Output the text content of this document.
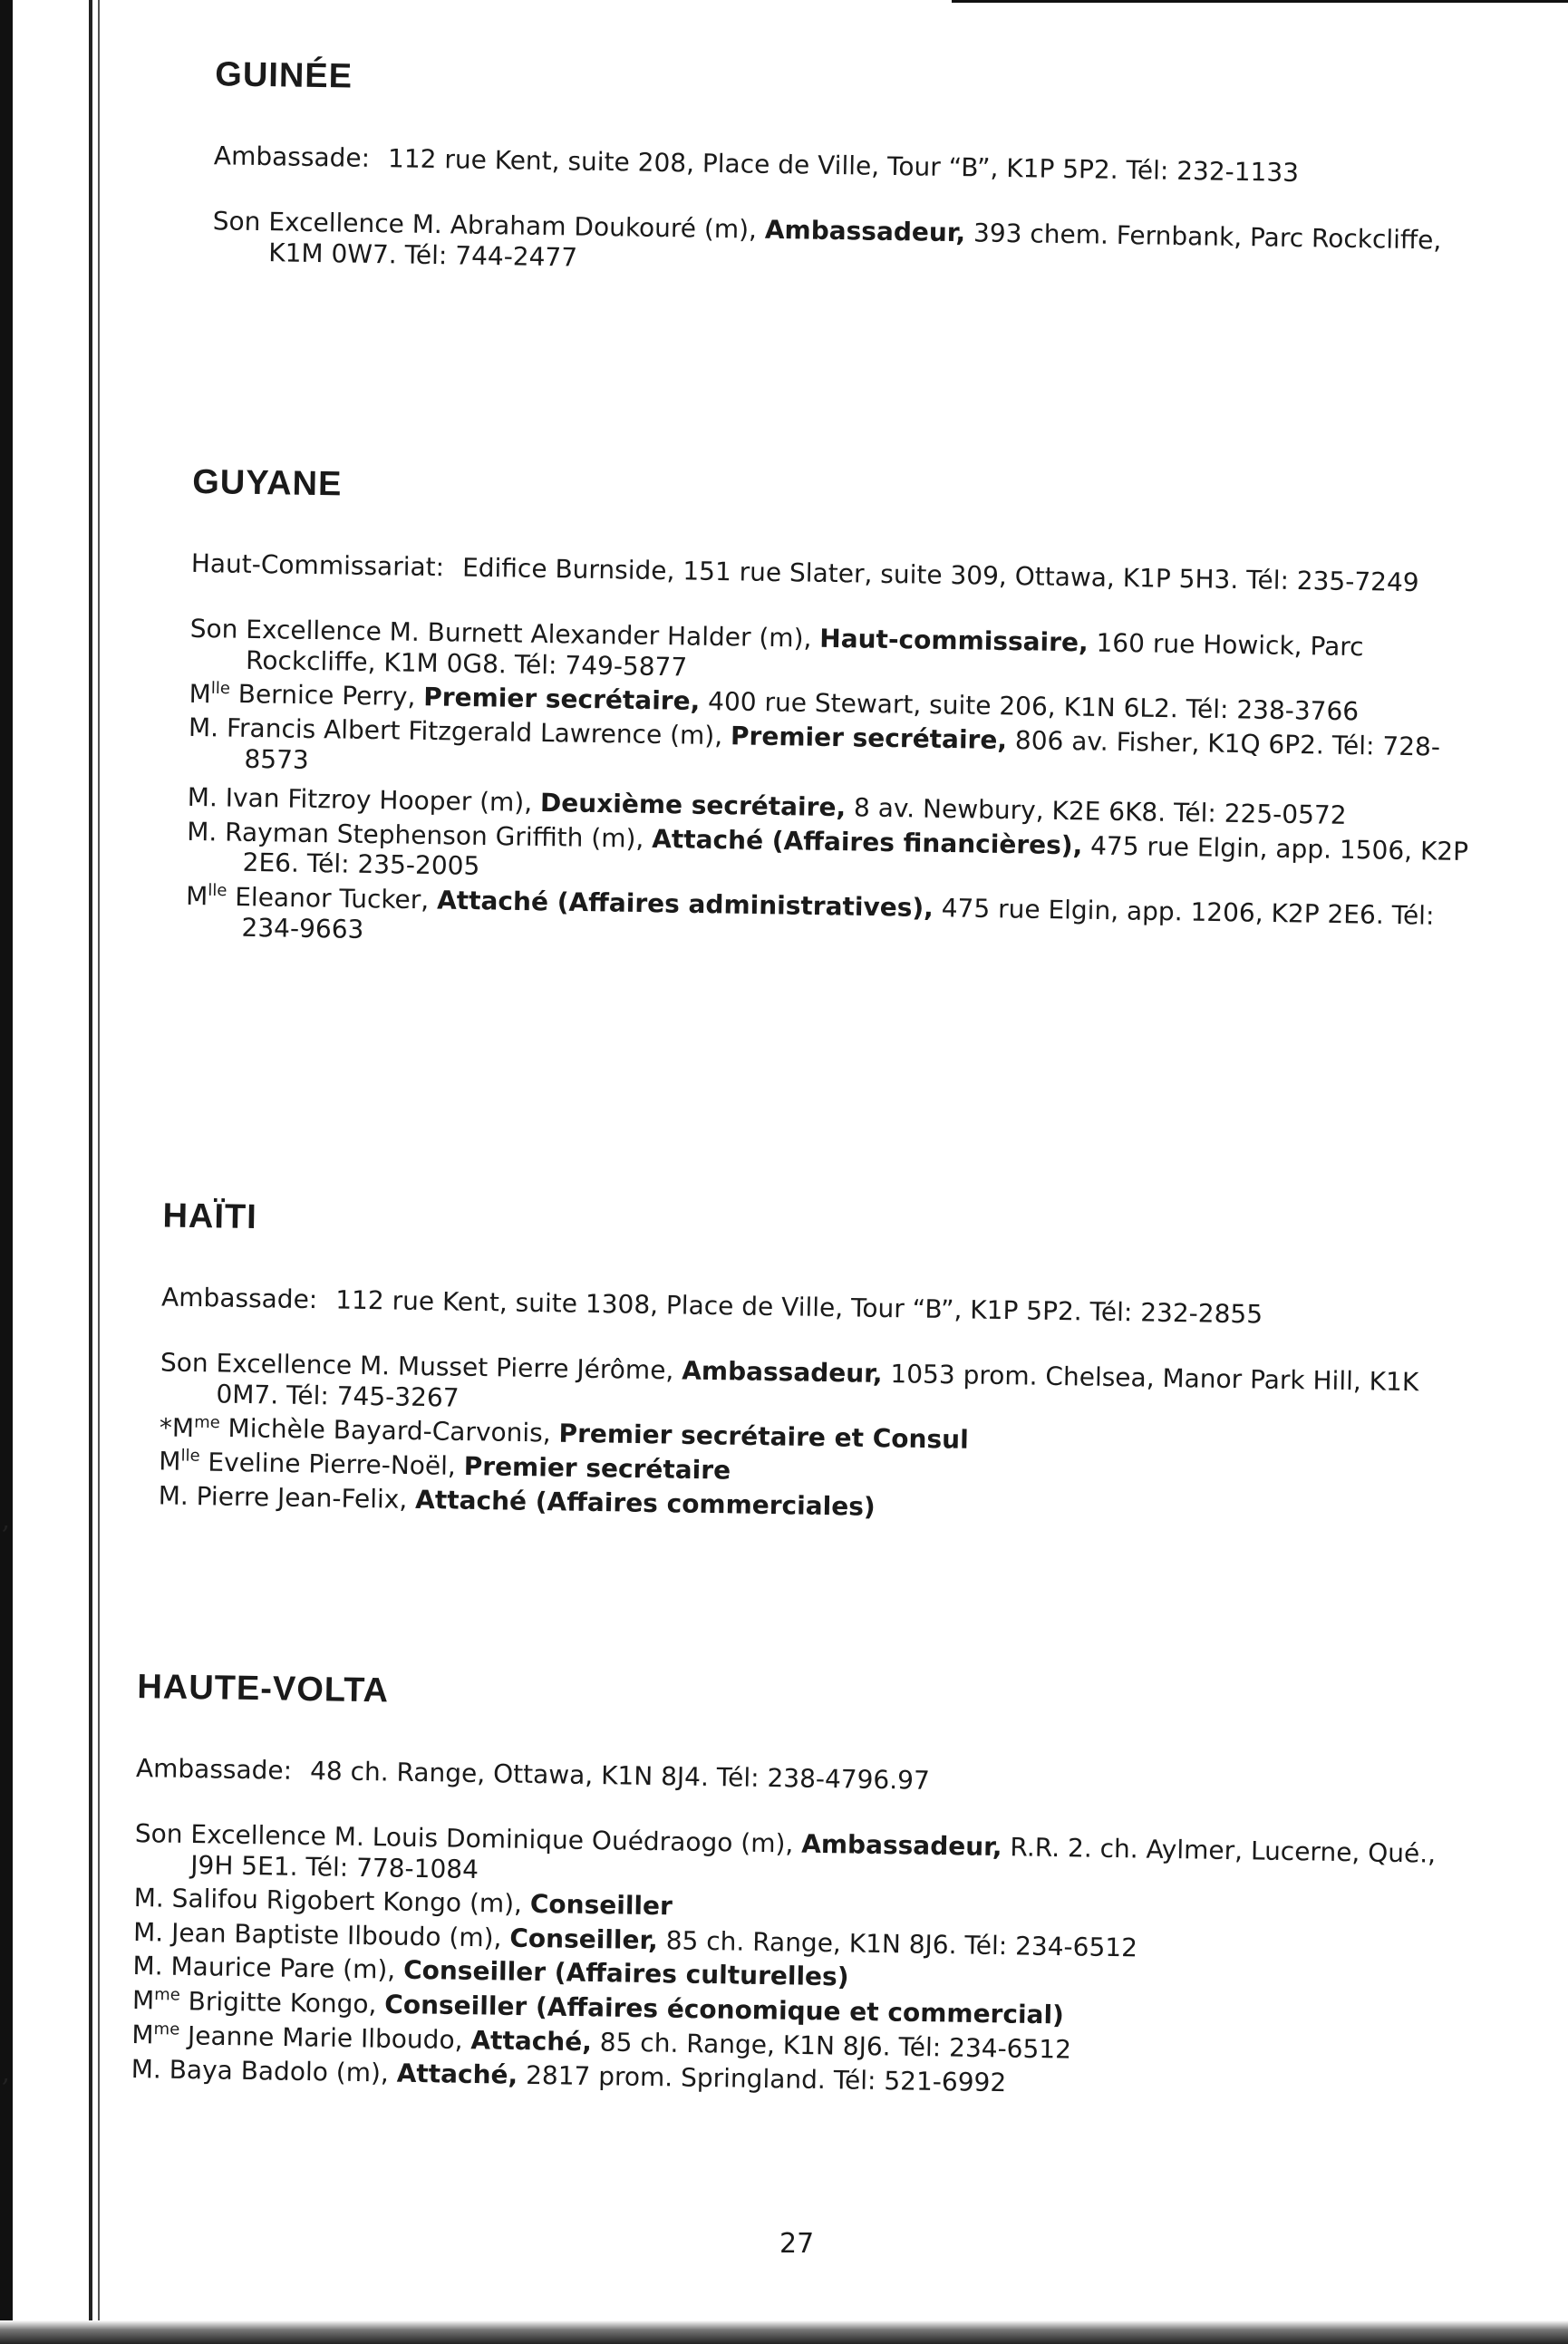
,
,
GUINÉE
Ambassade: 112 rue Kent, suite 208, Place de Ville, Tour “B”, K1P 5P2. Tél: 232-1133

Son Excellence M. Abraham Doukouré (m), Ambassadeur, 393 chem. Fernbank, Parc Rockcliffe, K1M 0W7. Tél: 744-2477

GUYANE
Haut-Commissariat: Edifice Burnside, 151 rue Slater, suite 309, Ottawa, K1P 5H3. Tél: 235-7249

Son Excellence M. Burnett Alexander Halder (m), Haut-commissaire, 160 rue Howick, Parc Rockcliffe, K1M 0G8. Tél: 749-5877

$M^{lle}$ Bernice Perry, Premier secrétaire, 400 rue Stewart, suite 206, K1N 6L2. Tél: 238-3766

M. Francis Albert Fitzgerald Lawrence (m), Premier secrétaire, 806 av. Fisher, K1Q 6P2. Tél: 728-8573

M. Ivan Fitzroy Hooper (m), Deuxième secrétaire, 8 av. Newbury, K2E 6K8. Tél: 225-0572

M. Rayman Stephenson Griffith (m), Attaché (Affaires financières), 475 rue Elgin, app. 1506, K2P 2E6. Tél: 235-2005

$M^{lle}$ Eleanor Tucker, Attaché (Affaires administratives), 475 rue Elgin, app. 1206, K2P 2E6. Tél: 234-9663

HAÏTI
Ambassade: 112 rue Kent, suite 1308, Place de Ville, Tour “B”, K1P 5P2. Tél: 232-2855

Son Excellence M. Musset Pierre Jérôme, Ambassadeur, 1053 prom. Chelsea, Manor Park Hill, K1K 0M7. Tél: 745-3267

$*M^{me}$ Michèle Bayard-Carvonis, Premier secrétaire et Consul

$M^{lle}$ Eveline Pierre-Noël, Premier secrétaire

M. Pierre Jean-Felix, Attaché (Affaires commerciales)

HAUTE-VOLTA
Ambassade: 48 ch. Range, Ottawa, K1N 8J4. Tél: 238-4796.97

Son Excellence M. Louis Dominique Ouédraogo (m), Ambassadeur, R.R. 2. ch. Aylmer, Lucerne, Qué., J9H 5E1. Tél: 778-1084

M. Salifou Rigobert Kongo (m), Conseiller

M. Jean Baptiste Ilboudo (m), Conseiller, 85 ch. Range, K1N 8J6. Tél: 234-6512

M. Maurice Pare (m), Conseiller (Affaires culturelles)

$M^{me}$ Brigitte Kongo, Conseiller (Affaires économique et commercial)

$M^{me}$ Jeanne Marie Ilboudo, Attaché, 85 ch. Range, K1N 8J6. Tél: 234-6512

M. Baya Badolo (m), Attaché, 2817 prom. Springland. Tél: 521-6992

27
